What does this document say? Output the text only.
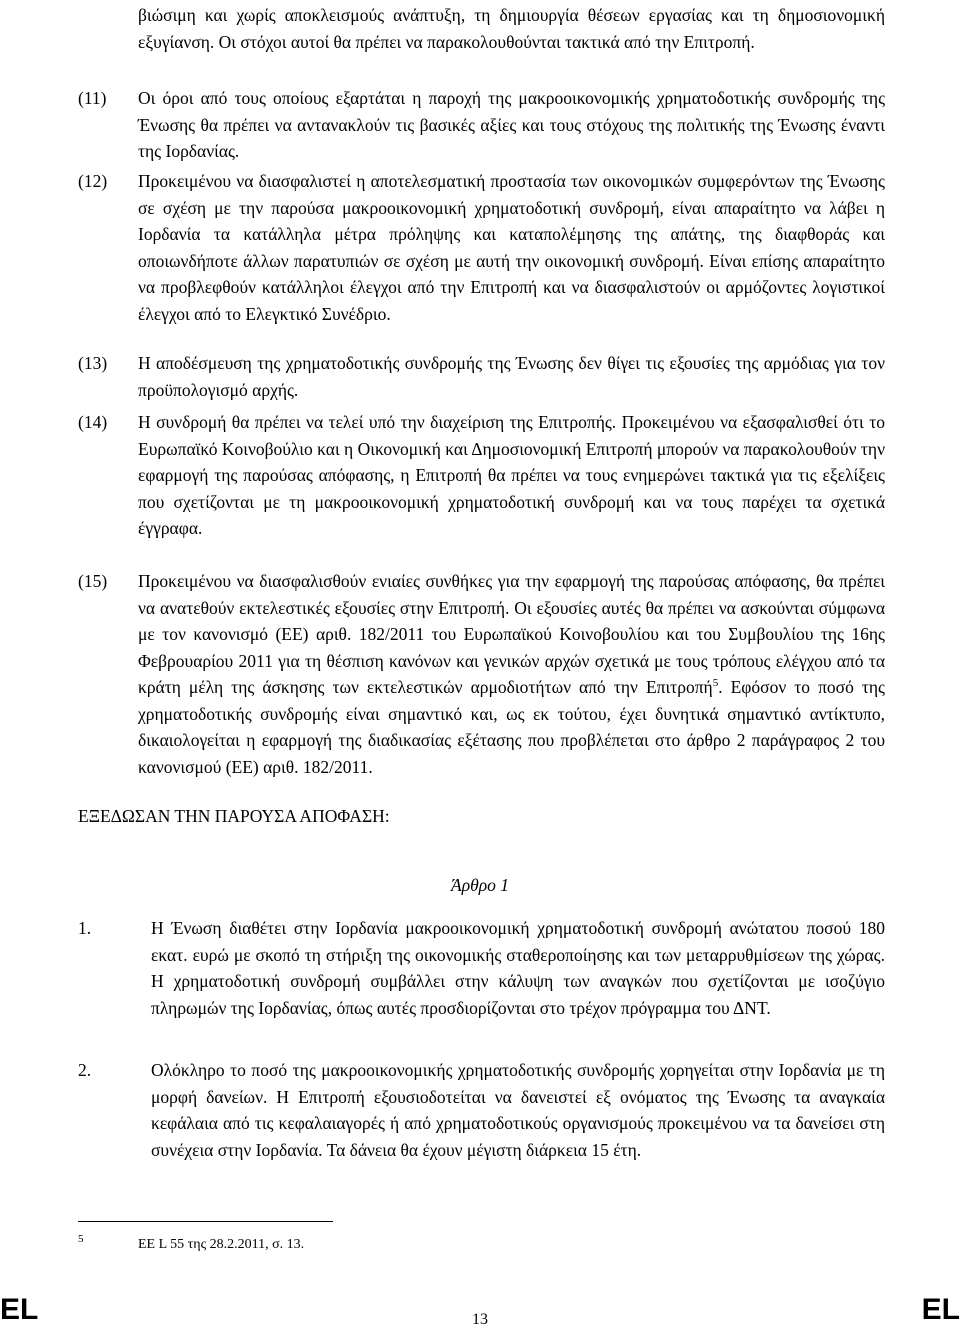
βιώσιμη και χωρίς αποκλεισμούς ανάπτυξη, τη δημιουργία θέσεων εργασίας και τη δημοσιονομική εξυγίανση. Οι στόχοι αυτοί θα πρέπει να παρακολουθούνται τακτικά από την Επιτροπή.
(11) Οι όροι από τους οποίους εξαρτάται η παροχή της μακροοικονομικής χρηματοδοτικής συνδρομής της Ένωσης θα πρέπει να αντανακλούν τις βασικές αξίες και τους στόχους της πολιτικής της Ένωσης έναντι της Ιορδανίας.
(12) Προκειμένου να διασφαλιστεί η αποτελεσματική προστασία των οικονομικών συμφερόντων της Ένωσης σε σχέση με την παρούσα μακροοικονομική χρηματοδοτική συνδρομή, είναι απαραίτητο να λάβει η Ιορδανία τα κατάλληλα μέτρα πρόληψης και καταπολέμησης της απάτης, της διαφθοράς και οποιωνδήποτε άλλων παρατυπιών σε σχέση με αυτή την οικονομική συνδρομή. Είναι επίσης απαραίτητο να προβλεφθούν κατάλληλοι έλεγχοι από την Επιτροπή και να διασφαλιστούν οι αρμόζοντες λογιστικοί έλεγχοι από το Ελεγκτικό Συνέδριο.
(13) Η αποδέσμευση της χρηματοδοτικής συνδρομής της Ένωσης δεν θίγει τις εξουσίες της αρμόδιας για τον προϋπολογισμό αρχής.
(14) Η συνδρομή θα πρέπει να τελεί υπό την διαχείριση της Επιτροπής. Προκειμένου να εξασφαλισθεί ότι το Ευρωπαϊκό Κοινοβούλιο και η Οικονομική και Δημοσιονομική Επιτροπή μπορούν να παρακολουθούν την εφαρμογή της παρούσας απόφασης, η Επιτροπή θα πρέπει να τους ενημερώνει τακτικά για τις εξελίξεις που σχετίζονται με τη μακροοικονομική χρηματοδοτική συνδρομή και να τους παρέχει τα σχετικά έγγραφα.
(15) Προκειμένου να διασφαλισθούν ενιαίες συνθήκες για την εφαρμογή της παρούσας απόφασης, θα πρέπει να ανατεθούν εκτελεστικές εξουσίες στην Επιτροπή. Οι εξουσίες αυτές θα πρέπει να ασκούνται σύμφωνα με τον κανονισμό (ΕΕ) αριθ. 182/2011 του Ευρωπαϊκού Κοινοβουλίου και του Συμβουλίου της 16ης Φεβρουαρίου 2011 για τη θέσπιση κανόνων και γενικών αρχών σχετικά με τους τρόπους ελέγχου από τα κράτη μέλη της άσκησης των εκτελεστικών αρμοδιοτήτων από την Επιτροπή$^5$. Εφόσον το ποσό της χρηματοδοτικής συνδρομής είναι σημαντικό και, ως εκ τούτου, έχει δυνητικά σημαντικό αντίκτυπο, δικαιολογείται η εφαρμογή της διαδικασίας εξέτασης που προβλέπεται στο άρθρο 2 παράγραφος 2 του κανονισμού (ΕΕ) αριθ. 182/2011.
ΕΞΕΔΩΣΑΝ ΤΗΝ ΠΑΡΟΥΣΑ ΑΠΟΦΑΣΗ:
Άρθρο 1
1.	Η Ένωση διαθέτει στην Ιορδανία μακροοικονομική χρηματοδοτική συνδρομή ανώτατου ποσού 180 εκατ. ευρώ με σκοπό τη στήριξη της οικονομικής σταθεροποίησης και των μεταρρυθμίσεων της χώρας. Η χρηματοδοτική συνδρομή συμβάλλει στην κάλυψη των αναγκών που σχετίζονται με ισοζύγιο πληρωμών της Ιορδανίας, όπως αυτές προσδιορίζονται στο τρέχον πρόγραμμα του ΔΝΤ.
2.	Ολόκληρο το ποσό της μακροοικονομικής χρηματοδοτικής συνδρομής χορηγείται στην Ιορδανία με τη μορφή δανείων. Η Επιτροπή εξουσιοδοτείται να δανειστεί εξ ονόματος της Ένωσης τα αναγκαία κεφάλαια από τις κεφαλαιαγορές ή από χρηματοδοτικούς οργανισμούς προκειμένου να τα δανείσει στη συνέχεια στην Ιορδανία. Τα δάνεια θα έχουν μέγιστη διάρκεια 15 έτη.
5	EE L 55 της 28.2.2011, σ. 13.
EL	13	EL
